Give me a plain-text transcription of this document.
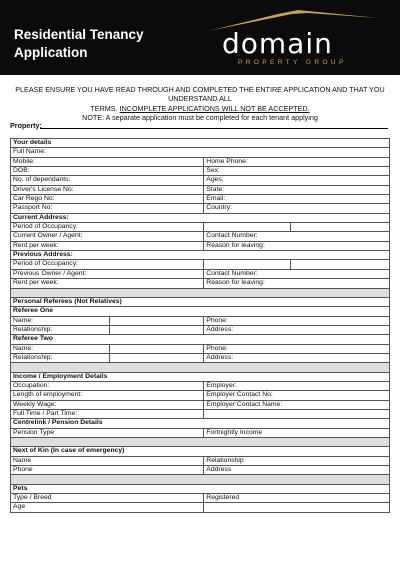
Residential Tenancy
Application	domain
PROPERTY GROUP
PLEASE ENSURE YOU HAVE READ THROUGH AND COMPLETED THE ENTIRE APPLICATION AND THAT YOU UNDERSTAND ALL
TERMS. INCOMPLETE APPLICATIONS WILL NOT BE ACCEPTED.
NOTE: A separate application must be completed for each tenant applying
Property:
Your details			
Full Name:			
Mobile:		Home Phone:	
DOB:		Sex:	
No. of dependants:		Ages:	
Driver's License No:		State:	
Car Rego No:		Email:	
Passport No:		Country:	
Current Address:			
Period of Occupancy:			
Current Owner / Agent:		Contact Number:	
Rent per week:		Reason for leaving:	
Previous Address:			
Period of Occupancy:			
Previous Owner / Agent:		Contact Number:	
Rent per week:		Reason for leaving:	

Personal Referees (Not Relatives)			
Referee One			
Name:		Phone:	
Relationship:		Address:	
Referee Two			
Name:		Phone:	
Relationship:		Address:	

Income / Employment Details			
Occupation:		Employer:	
Length of employment:		Employer Contact No:	
Weekly Wage:		Employer Contact Name:	
Full Time / Part Time:			
Centrelink / Pension Details			
Pension Type		Fortnightly Income	

Next of Kin (In case of emergency)			
Name		Relationship	
Phone		Address	

Pets			
Type / Breed		Registered	
Age			
